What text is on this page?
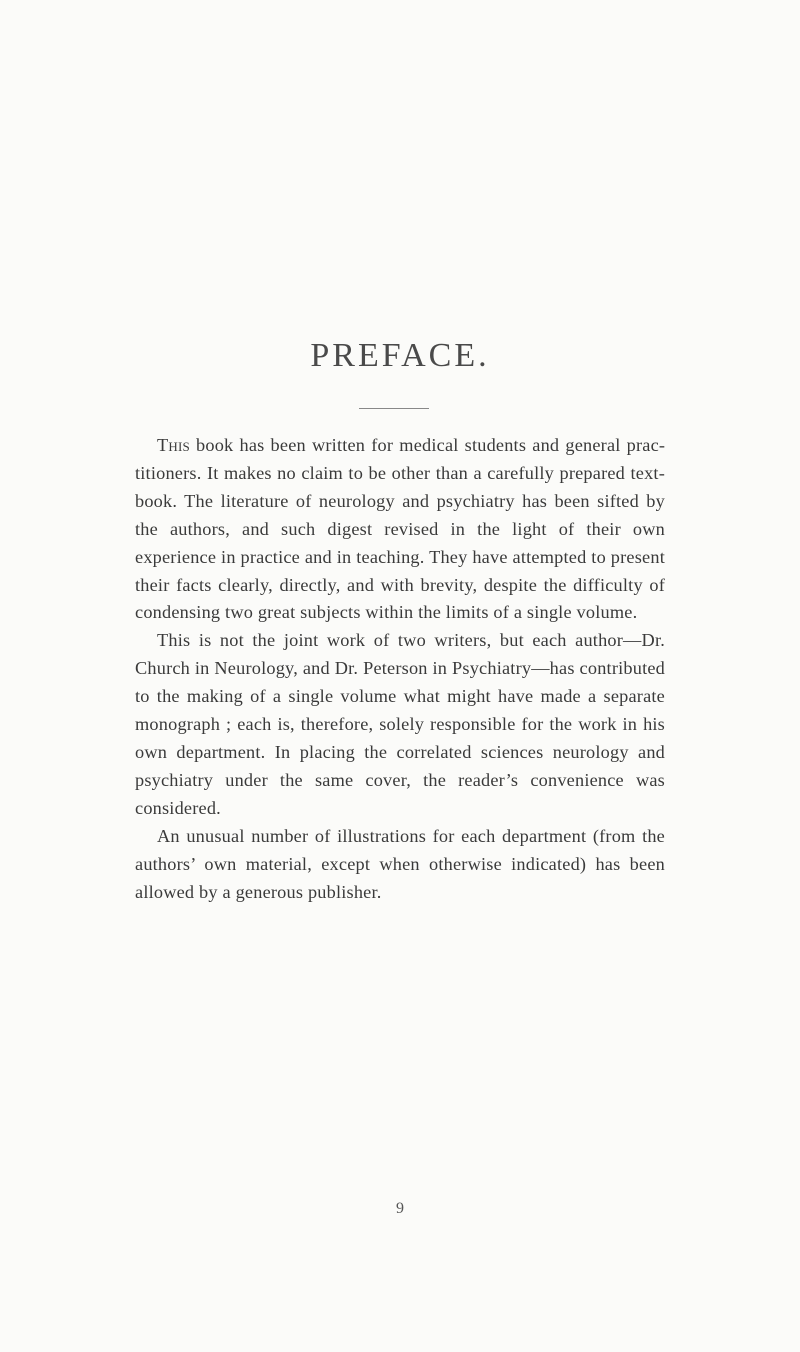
PREFACE.

This book has been written for medical students and general practitioners. It makes no claim to be other than a carefully prepared text-book. The literature of neurology and psychiatry has been sifted by the authors, and such digest revised in the light of their own experience in practice and in teaching. They have attempted to present their facts clearly, directly, and with brevity, despite the difficulty of condensing two great subjects within the limits of a single volume.

This is not the joint work of two writers, but each author—Dr. Church in Neurology, and Dr. Peterson in Psychiatry—has contributed to the making of a single volume what might have made a separate monograph ; each is, therefore, solely responsible for the work in his own department. In placing the correlated sciences neurology and psychiatry under the same cover, the reader’s convenience was considered.

An unusual number of illustrations for each department (from the authors’ own material, except when otherwise indicated) has been allowed by a generous publisher.

9
